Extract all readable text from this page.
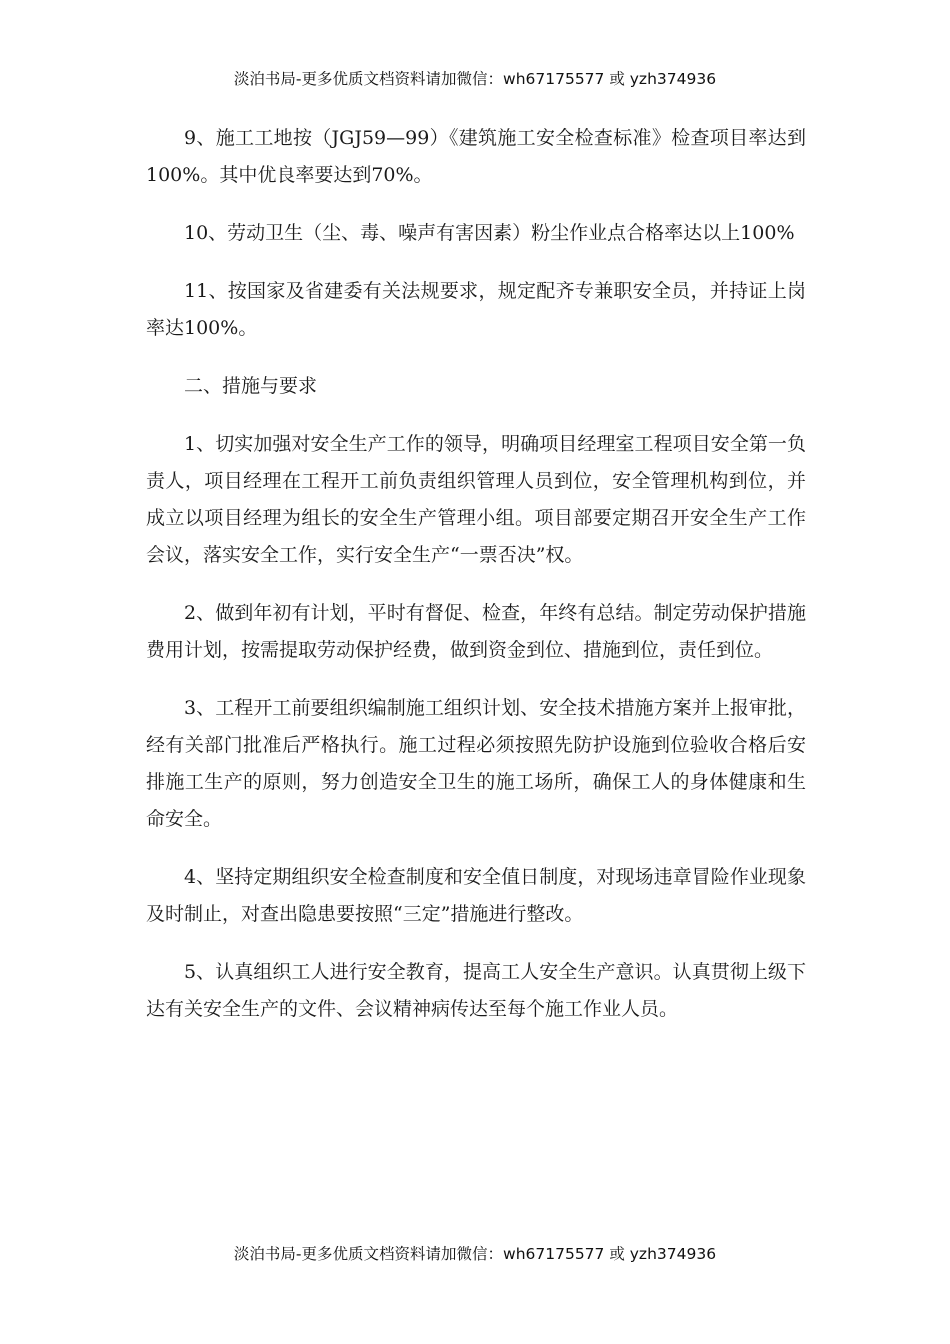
淡泊书局-更多优质文档资料请加微信：wh67175577 或 yzh374936

9、施工工地按（JGJ59—99）《建筑施工安全检查标准》检查项目率达到100%。其中优良率要达到70%。

10、劳动卫生（尘、毒、噪声有害因素）粉尘作业点合格率达以上100%

11、按国家及省建委有关法规要求，规定配齐专兼职安全员，并持证上岗率达100%。

二、措施与要求

1、切实加强对安全生产工作的领导，明确项目经理室工程项目安全第一负责人，项目经理在工程开工前负责组织管理人员到位，安全管理机构到位，并成立以项目经理为组长的安全生产管理小组。项目部要定期召开安全生产工作会议，落实安全工作，实行安全生产“一票否决”权。

2、做到年初有计划，平时有督促、检查，年终有总结。制定劳动保护措施费用计划，按需提取劳动保护经费，做到资金到位、措施到位，责任到位。

3、工程开工前要组织编制施工组织计划、安全技术措施方案并上报审批，经有关部门批准后严格执行。施工过程必须按照先防护设施到位验收合格后安排施工生产的原则，努力创造安全卫生的施工场所，确保工人的身体健康和生命安全。

4、坚持定期组织安全检查制度和安全值日制度，对现场违章冒险作业现象及时制止，对查出隐患要按照“三定”措施进行整改。

5、认真组织工人进行安全教育，提高工人安全生产意识。认真贯彻上级下达有关安全生产的文件、会议精神病传达至每个施工作业人员。

淡泊书局-更多优质文档资料请加微信：wh67175577 或 yzh374936
